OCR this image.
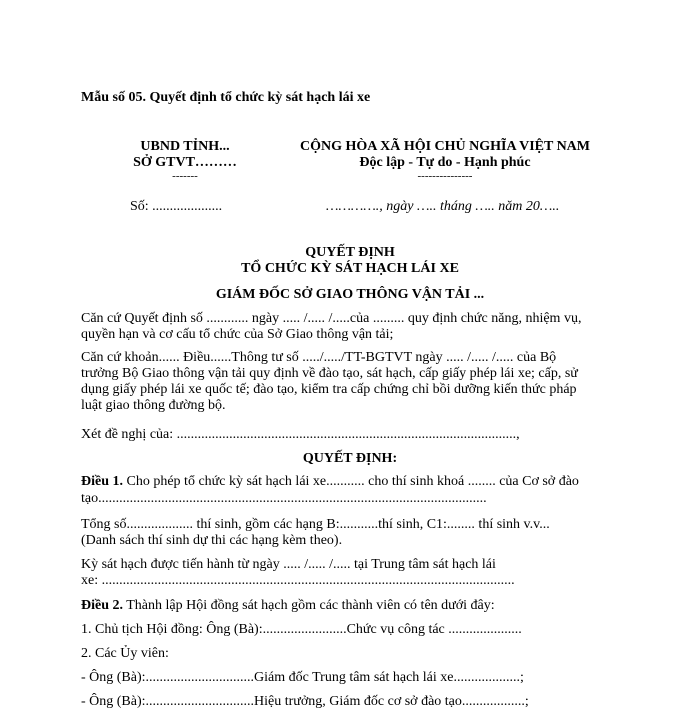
Mẫu số 05. Quyết định tổ chức kỳ sát hạch lái xe
UBND TỈNH...
SỞ GTVT………
-------
Số: ....................
CỘNG HÒA XÃ HỘI CHỦ NGHĨA VIỆT NAM
Độc lập - Tự do - Hạnh phúc
---------------
…………., ngày ….. tháng ….. năm 20…..
QUYẾT ĐỊNH
TỔ CHỨC KỲ SÁT HẠCH LÁI XE
GIÁM ĐỐC SỞ GIAO THÔNG VẬN TẢI ...
Căn cứ Quyết định số ............ ngày ..... /..... /.....của ......... quy định chức năng, nhiệm vụ,
quyền hạn và cơ cấu tổ chức của Sở Giao thông vận tải;
Căn cứ khoản...... Điều......Thông tư số ...../...../TT-BGTVT ngày ..... /..... /..... của Bộ
trưởng Bộ Giao thông vận tải quy định về đào tạo, sát hạch, cấp giấy phép lái xe; cấp, sử
dụng giấy phép lái xe quốc tế; đào tạo, kiểm tra cấp chứng chỉ bồi dưỡng kiến thức pháp
luật giao thông đường bộ.
Xét đề nghị của: .................................................................................................,
QUYẾT ĐỊNH:
Điều 1. Cho phép tổ chức kỳ sát hạch lái xe........... cho thí sinh khoá ........ của Cơ sở đào
tạo...............................................................................................................
Tổng số................... thí sinh, gồm các hạng B:...........thí sinh, C1:........ thí sinh v.v...
(Danh sách thí sinh dự thi các hạng kèm theo).
Kỳ sát hạch được tiến hành từ ngày ..... /..... /..... tại Trung tâm sát hạch lái
xe: ......................................................................................................................
Điều 2. Thành lập Hội đồng sát hạch gồm các thành viên có tên dưới đây:
1. Chủ tịch Hội đồng: Ông (Bà):........................Chức vụ công tác .....................
2. Các Ủy viên:
- Ông (Bà):...............................Giám đốc Trung tâm sát hạch lái xe...................;
- Ông (Bà):...............................Hiệu trưởng, Giám đốc cơ sở đào tạo..................;
